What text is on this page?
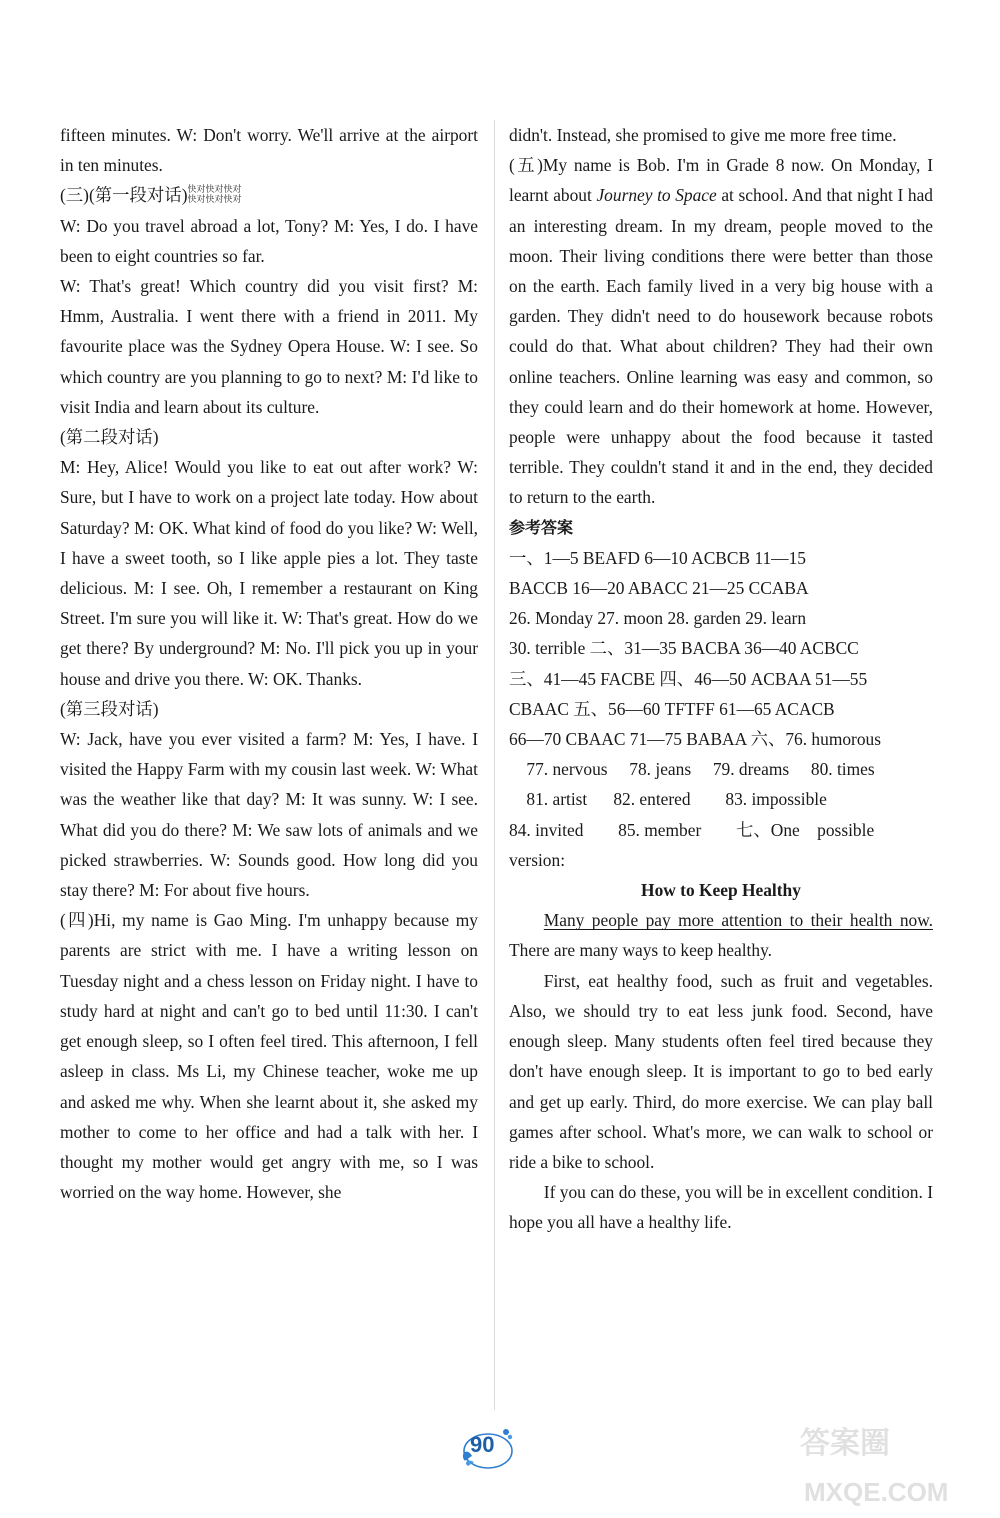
fifteen minutes. W: Don't worry. We'll arrive at the airport in ten minutes.

(三)(第一段对话)快对快对快对
快对快对快对

W: Do you travel abroad a lot, Tony? M: Yes, I do. I have been to eight countries so far.

W: That's great! Which country did you visit first? M: Hmm, Australia. I went there with a friend in 2011. My favourite place was the Sydney Opera House. W: I see. So which country are you planning to go to next? M: I'd like to visit India and learn about its culture.

(第二段对话)

M: Hey, Alice! Would you like to eat out after work? W: Sure, but I have to work on a project late today. How about Saturday? M: OK. What kind of food do you like? W: Well, I have a sweet tooth, so I like apple pies a lot. They taste delicious. M: I see. Oh, I remember a restaurant on King Street. I'm sure you will like it. W: That's great. How do we get there? By underground? M: No. I'll pick you up in your house and drive you there. W: OK. Thanks.

(第三段对话)

W: Jack, have you ever visited a farm? M: Yes, I have. I visited the Happy Farm with my cousin last week. W: What was the weather like that day? M: It was sunny. W: I see. What did you do there? M: We saw lots of animals and we picked strawberries. W: Sounds good. How long did you stay there? M: For about five hours.

(四)Hi, my name is Gao Ming. I'm unhappy because my parents are strict with me. I have a writing lesson on Tuesday night and a chess lesson on Friday night. I have to study hard at night and can't go to bed until 11:30. I can't get enough sleep, so I often feel tired. This afternoon, I fell asleep in class. Ms Li, my Chinese teacher, woke me up and asked me why. When she learnt about it, she asked my mother to come to her office and had a talk with her. I thought my mother would get angry with me, so I was worried on the way home. However, she

didn't. Instead, she promised to give me more free time.

(五)My name is Bob. I'm in Grade 8 now. On Monday, I learnt about Journey to Space at school. And that night I had an interesting dream. In my dream, people moved to the moon. Their living conditions there were better than those on the earth. Each family lived in a very big house with a garden. They didn't need to do housework because robots could do that. What about children? They had their own online teachers. Online learning was easy and common, so they could learn and do their homework at home. However, people were unhappy about the food because it tasted terrible. They couldn't stand it and in the end, they decided to return to the earth.

参考答案

一、1—5 BEAFD 6—10 ACBCB 11—15

BACCB 16—20 ABACC 21—25 CCABA

26. Monday 27. moon 28. garden 29. learn

30. terrible 二、31—35 BACBA 36—40 ACBCC

三、41—45 FACBE 四、46—50 ACBAA 51—55

CBAAC 五、56—60 TFTFF 61—65 ACACB

66—70 CBAAC 71—75 BABAA 六、76. humorous

77. nervous     78. jeans     79. dreams     80. times

81. artist      82. entered        83. impossible

84. invited        85. member        七、One    possible

version:

How to Keep Healthy

Many people pay more attention to their health now. There are many ways to keep healthy.

First, eat healthy food, such as fruit and vegetables. Also, we should try to eat less junk food. Second, have enough sleep. Many students often feel tired because they don't have enough sleep. It is important to go to bed early and get up early. Third, do more exercise. We can play ball games after school. What's more, we can walk to school or ride a bike to school.

If you can do these, you will be in excellent condition. I hope you all have a healthy life.

90	答案圈
MXQE.COM
